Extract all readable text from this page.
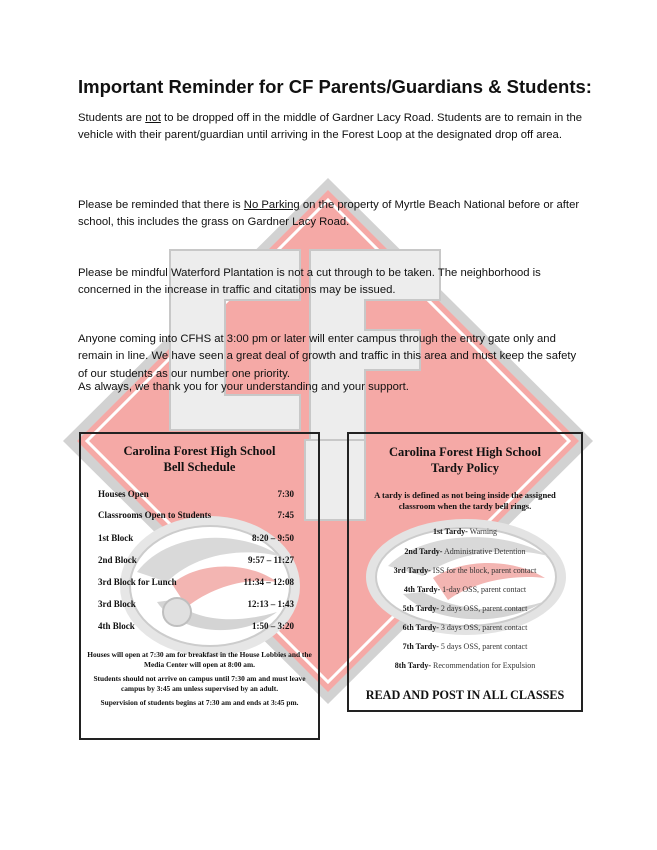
Important Reminder for CF Parents/Guardians & Students:
Students are not to be dropped off in the middle of Gardner Lacy Road. Students are to remain in the vehicle with their parent/guardian until arriving in the Forest Loop at the designated drop off area.
Please be reminded that there is No Parking on the property of Myrtle Beach National before or after school, this includes the grass on Gardner Lacy Road.
Please be mindful Waterford Plantation is not a cut through to be taken. The neighborhood is concerned in the increase in traffic and citations may be issued.
Anyone coming into CFHS at 3:00 pm or later will enter campus through the entry gate only and remain in line. We have seen a great deal of growth and traffic in this area and must keep the safety of our students as our number one priority.
As always, we thank you for your understanding and your support.
Carolina Forest High School
Bell Schedule
Houses Open	7:30
Classrooms Open to Students	7:45
1st Block	8:20 – 9:50
2nd Block	9:57 – 11:27
3rd Block for Lunch	11:34 – 12:08
3rd Block	12:13 – 1:43
4th Block	1:50 – 3:20
Houses will open at 7:30 am for breakfast in the House Lobbies and the Media Center will open at 8:00 am.
Students should not arrive on campus until 7:30 am and must leave campus by 3:45 am unless supervised by an adult.
Supervision of students begins at 7:30 am and ends at 3:45 pm.
Carolina Forest High School
Tardy Policy
A tardy is defined as not being inside the assigned classroom when the tardy bell rings.
1st Tardy- Warning
2nd Tardy- Administrative Detention
3rd Tardy- ISS for the block, parent contact
4th Tardy- 1-day OSS, parent contact
5th Tardy- 2 days OSS, parent contact
6th Tardy- 3 days OSS, parent contact
7th Tardy- 5 days OSS, parent contact
8th Tardy- Recommendation for Expulsion
READ AND POST IN ALL CLASSES
